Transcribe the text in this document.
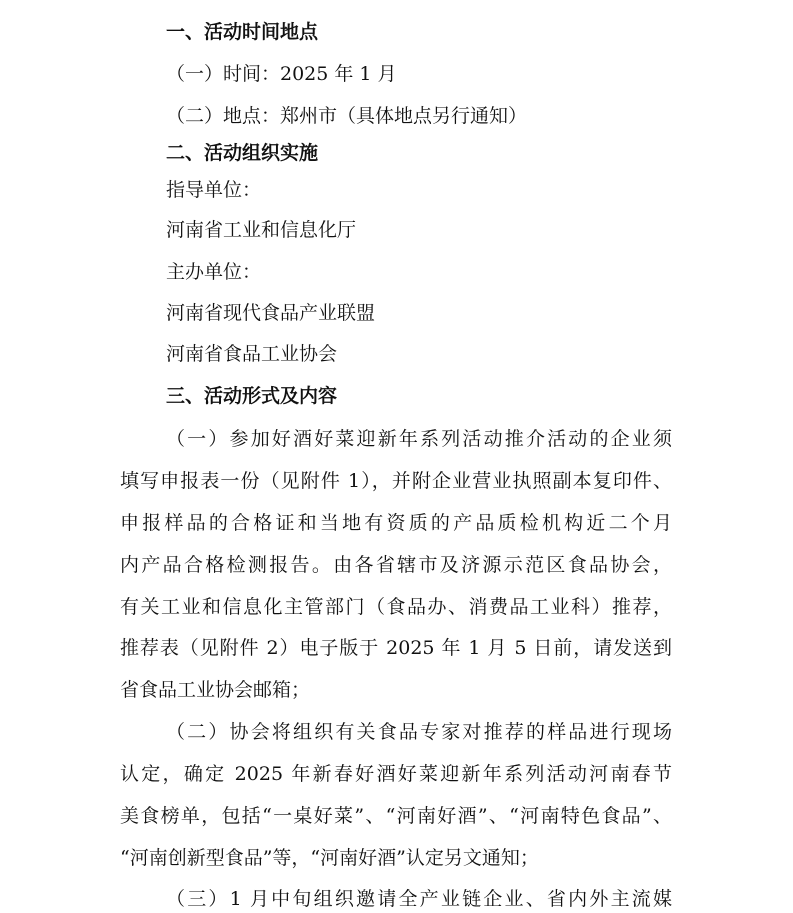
一、活动时间地点
（一）时间：2025 年 1 月
（二）地点：郑州市（具体地点另行通知）
二、活动组织实施
指导单位：
河南省工业和信息化厅
主办单位：
河南省现代食品产业联盟
河南省食品工业协会
三、活动形式及内容
（一）参加好酒好菜迎新年系列活动推介活动的企业须
填写申报表一份（见附件 1），并附企业营业执照副本复印件、
申报样品的合格证和当地有资质的产品质检机构近二个月
内产品合格检测报告。由各省辖市及济源示范区食品协会，
有关工业和信息化主管部门（食品办、消费品工业科）推荐，
推荐表（见附件 2）电子版于 2025 年 1 月 5 日前，请发送到
省食品工业协会邮箱；
（二）协会将组织有关食品专家对推荐的样品进行现场
认定，确定 2025 年新春好酒好菜迎新年系列活动河南春节
美食榜单，包括“一桌好菜”、“河南好酒”、“河南特色食品”、
“河南创新型食品”等，“河南好酒”认定另文通知；
（三）1 月中旬组织邀请全产业链企业、省内外主流媒
